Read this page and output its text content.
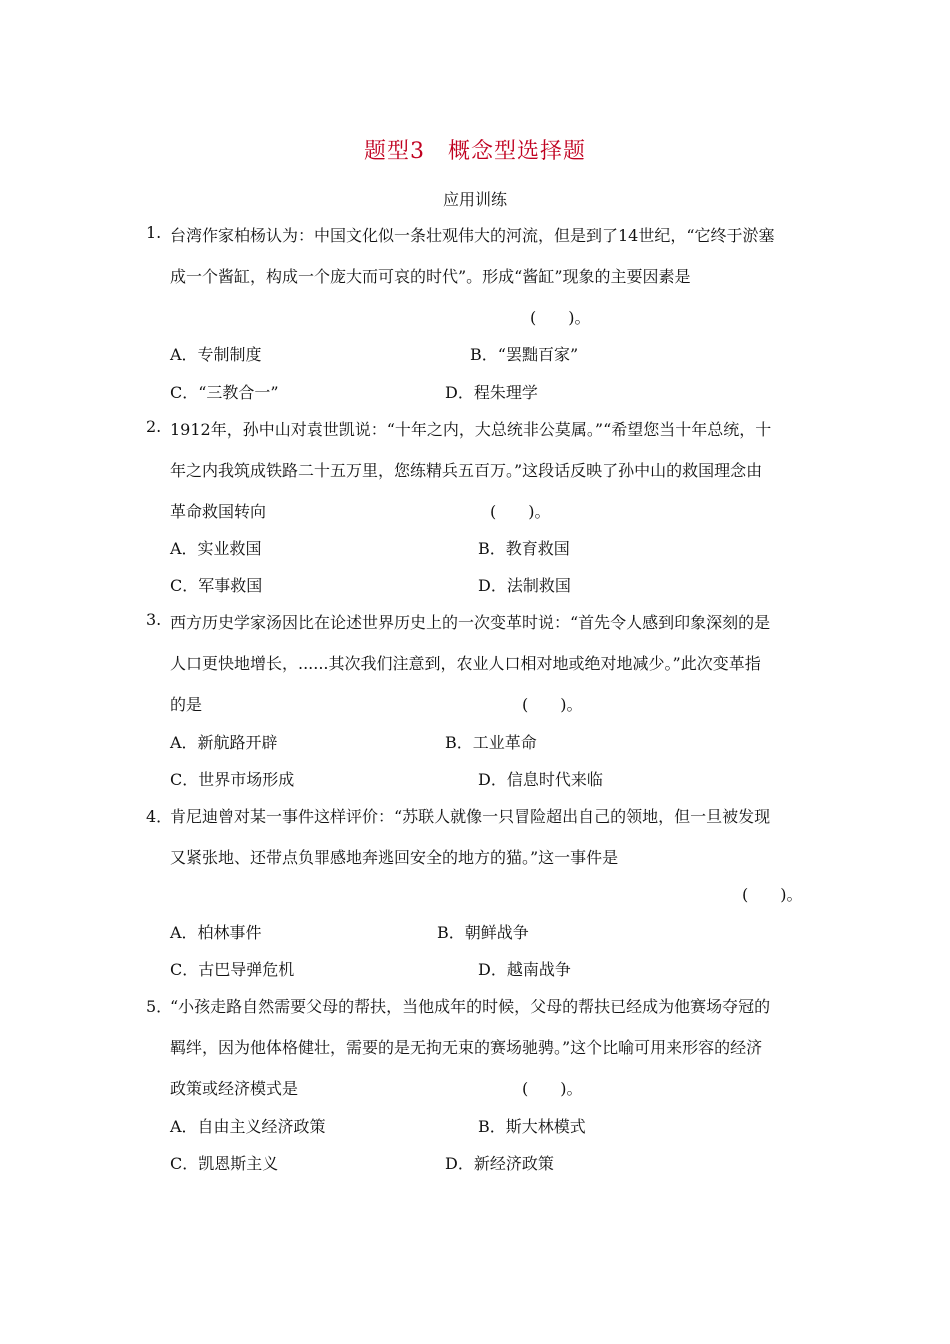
题型3　概念型选择题
应用训练
1. 台湾作家柏杨认为：中国文化似一条壮观伟大的河流，但是到了14世纪，“它终于淤塞
成一个酱缸，构成一个庞大而可哀的时代”。形成“酱缸”现象的主要因素是
(　　)。
A．专制制度	B．“罢黜百家”
C．“三教合一”	D．程朱理学
2. 1912年，孙中山对袁世凯说：“十年之内，大总统非公莫属。”“希望您当十年总统，十
年之内我筑成铁路二十五万里，您练精兵五百万。”这段话反映了孙中山的救国理念由
革命救国转向	(　　)。
A．实业救国	B．教育救国
C．军事救国	D．法制救国
3. 西方历史学家汤因比在论述世界历史上的一次变革时说：“首先令人感到印象深刻的是
人口更快地增长，......其次我们注意到，农业人口相对地或绝对地减少。”此次变革指
的是	(　　)。
A．新航路开辟	B．工业革命
C．世界市场形成	D．信息时代来临
4．
肯尼迪曾对某一事件这样评价：“苏联人就像一只冒险超出自己的领地，但一旦被发现
又紧张地、还带点负罪感地奔逃回安全的地方的猫。”这一事件是
(　　)。
A．柏林事件	B．朝鲜战争
C．古巴导弹危机	D．越南战争
5．
“小孩走路自然需要父母的帮扶，当他成年的时候，父母的帮扶已经成为他赛场夺冠的
羁绊，因为他体格健壮，需要的是无拘无束的赛场驰骋。”这个比喻可用来形容的经济
政策或经济模式是	(　　)。
A．自由主义经济政策	B．斯大林模式
C．凯恩斯主义	D．新经济政策
